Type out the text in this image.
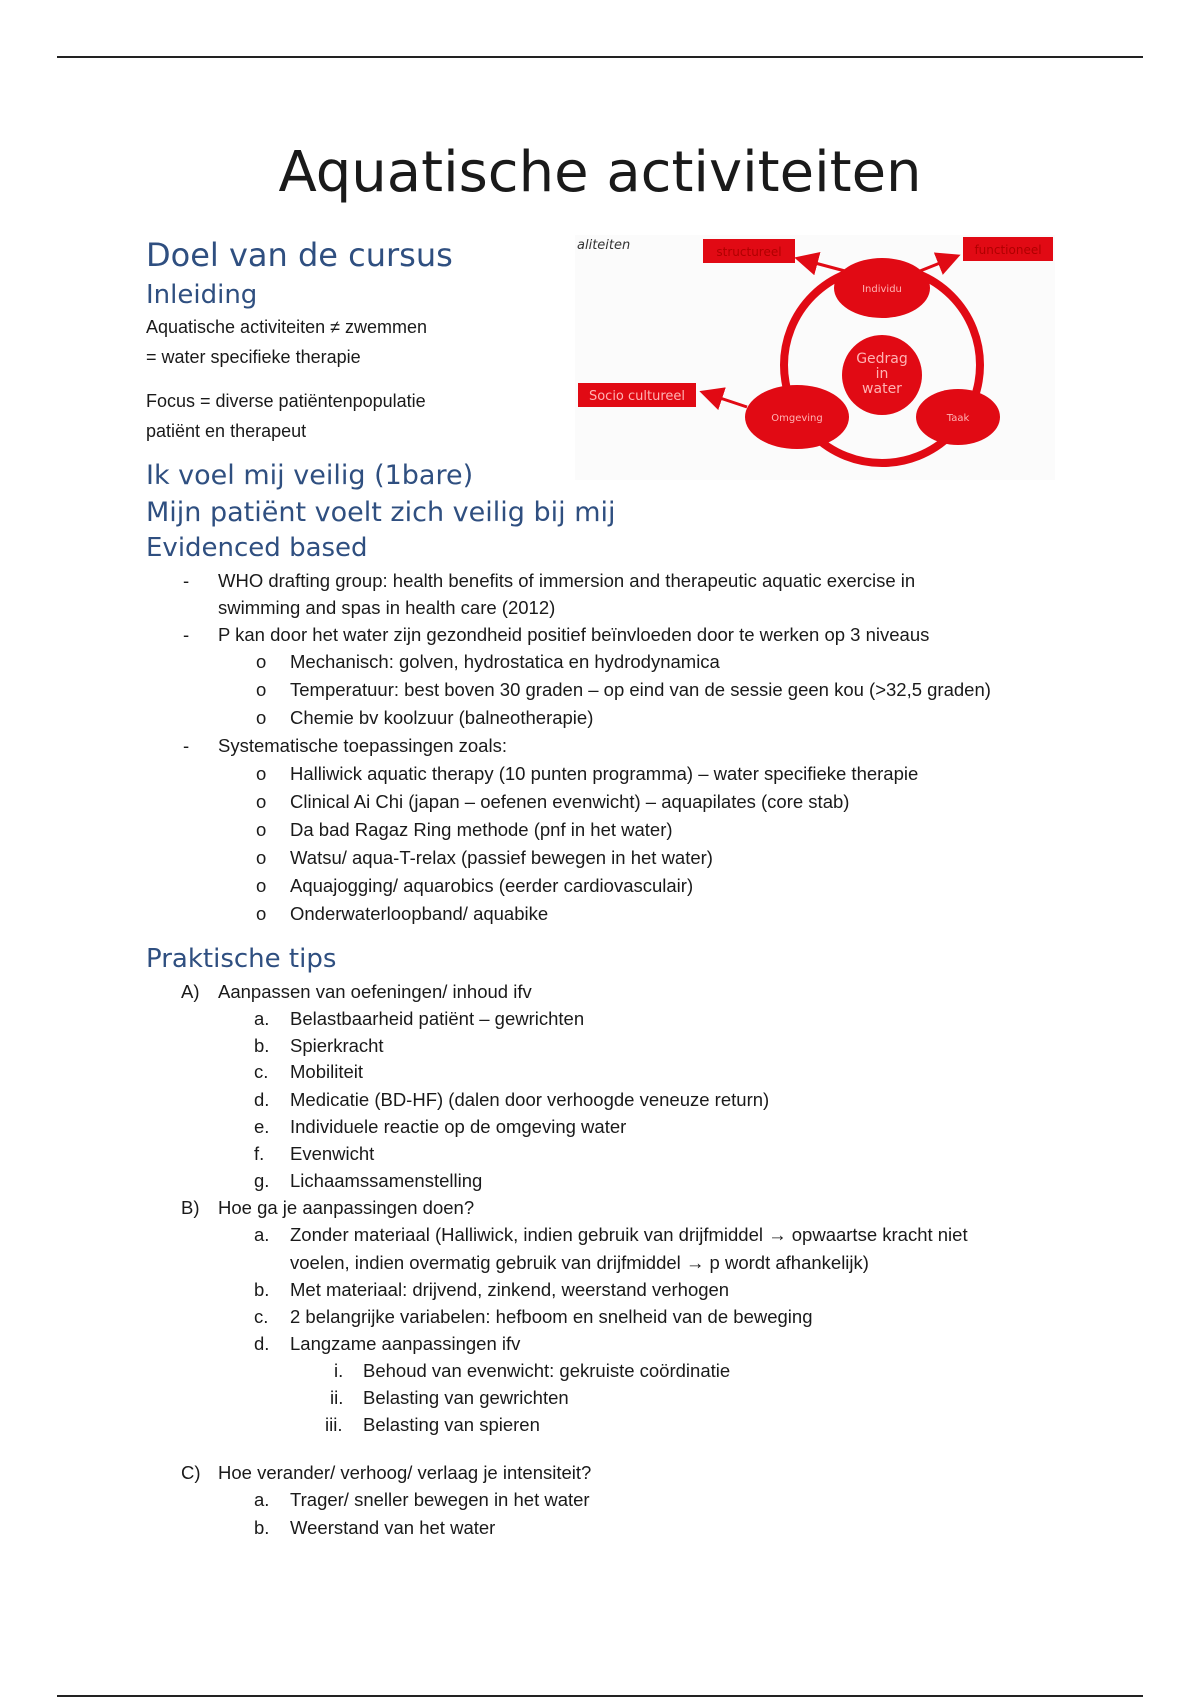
Aquatische activiteiten
Doel van de cursus
Inleiding

Aquatische activiteiten ≠ zwemmen

= water specifieke therapie

Focus = diverse patiëntenpopulatie

patiënt en therapeut

aliteiten
Gedrag
in
water
Individu
Omgeving	Taak
structureel	functioneel
Socio cultureel
Ik voel mij veilig (1bare)
Mijn patiënt voelt zich veilig bij mij
Evidenced based
- WHO drafting group: health benefits of immersion and therapeutic aquatic exercise in
swimming and spas in health care (2012)
- P kan door het water zijn gezondheid positief beïnvloeden door te werken op 3 niveaus
o Mechanisch: golven, hydrostatica en hydrodynamica
o Temperatuur: best boven 30 graden – op eind van de sessie geen kou (>32,5 graden)
o Chemie bv koolzuur (balneotherapie)
- Systematische toepassingen zoals:
o Halliwick aquatic therapy (10 punten programma) – water specifieke therapie
o Clinical Ai Chi (japan – oefenen evenwicht) – aquapilates (core stab)
o Da bad Ragaz Ring methode (pnf in het water)
o Watsu/ aqua-T-relax (passief bewegen in het water)
o Aquajogging/ aquarobics (eerder cardiovasculair)
o Onderwaterloopband/ aquabike
Praktische tips
A) Aanpassen van oefeningen/ inhoud ifv
a. Belastbaarheid patiënt – gewrichten
b. Spierkracht
c. Mobiliteit
d. Medicatie (BD-HF) (dalen door verhoogde veneuze return)
e. Individuele reactie op de omgeving water
f. Evenwicht
g. Lichaamssamenstelling
B) Hoe ga je aanpassingen doen?
a. Zonder materiaal (Halliwick, indien gebruik van drijfmiddel → opwaartse kracht niet
voelen, indien overmatig gebruik van drijfmiddel → p wordt afhankelijk)
b. Met materiaal: drijvend, zinkend, weerstand verhogen
c. 2 belangrijke variabelen: hefboom en snelheid van de beweging
d. Langzame aanpassingen ifv
i. Behoud van evenwicht: gekruiste coördinatie
ii. Belasting van gewrichten
iii. Belasting van spieren
C) Hoe verander/ verhoog/ verlaag je intensiteit?
a. Trager/ sneller bewegen in het water
b. Weerstand van het water
